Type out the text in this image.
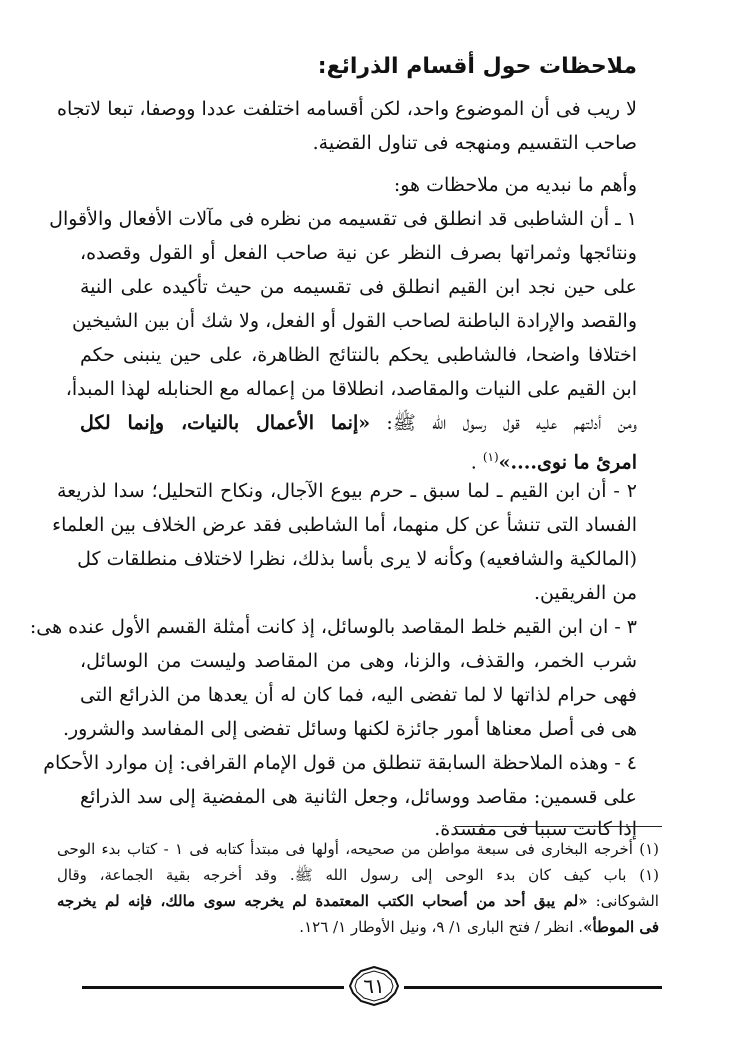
ملاحظات حول أقسام الذرائع:
لا ريب فى أن الموضوع واحد، لكن أقسامه اختلفت عددا ووصفا، تبعا لاتجاه
صاحب التقسيم ومنهجه فى تناول القضية.
وأهم ما نبديه من ملاحظات هو:
١ ـ أن الشاطبى قد انطلق فى تقسيمه من نظره فى مآلات الأفعال والأقوال
ونتائجها وثمراتها بصرف النظر عن نية صاحب الفعل أو القول وقصده،
على حين نجد ابن القيم انطلق فى تقسيمه من حيث تأكيده على النية
والقصد والإرادة الباطنة لصاحب القول أو الفعل، ولا شك أن بين الشيخين
اختلافا واضحا، فالشاطبى يحكم بالنتائج الظاهرة، على حين ينبنى حكم
ابن القيم على النيات والمقاصد، انطلاقا من إعماله مع الحنابله لهذا المبدأ،
ومن أدلتهم عليه قول رسول الله ﷺ: «إنما الأعمال بالنيات، وإنما لكل
امرئ ما نوى....»$^{(١)}$ .
٢ - أن ابن القيم ـ لما سبق ـ حرم بيوع الآجال، ونكاح التحليل؛ سدا لذريعة
الفساد التى تنشأ عن كل منهما، أما الشاطبى فقد عرض الخلاف بين العلماء
(المالكية والشافعيه) وكأنه لا يرى بأسا بذلك، نظرا لاختلاف منطلقات كل
من الفريقين.
٣ - ان ابن القيم خلط المقاصد بالوسائل، إذ كانت أمثلة القسم الأول عنده هى:
شرب الخمر، والقذف، والزنا، وهى من المقاصد وليست من الوسائل،
فهى حرام لذاتها لا لما تفضى اليه، فما كان له أن يعدها من الذرائع التى
هى فى أصل معناها أمور جائزة لكنها وسائل تفضى إلى المفاسد والشرور.
٤ - وهذه الملاحظة السابقة تنطلق من قول الإمام القرافى: إن موارد الأحكام
على قسمين: مقاصد ووسائل، وجعل الثانية هى المفضية إلى سد الذرائع
إذا كانت سببا فى مفسدة.
(١) أخرجه البخارى فى سبعة مواطن من صحيحه، أولها فى مبتدأ كتابه فى ١ - كتاب بدء الوحى
(١) باب كيف كان بدء الوحى إلى رسول الله ﷺ. وقد أخرجه بقية الجماعة، وقال
الشوكانى: «لم يبق أحد من أصحاب الكتب المعتمدة لم يخرجه سوى مالك، فإنه لم يخرجه
فى الموطأ». انظر / فتح البارى ١/ ٩، ونيل الأوطار ١/ ١٢٦.
٦١
